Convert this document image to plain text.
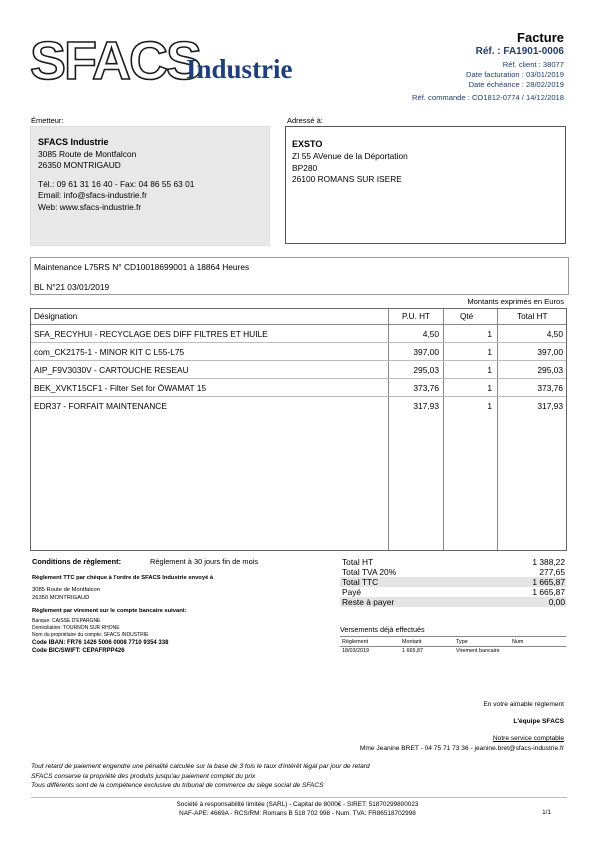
SFACS
Industrie
Facture
Réf. : FA1901-0006
Réf. client : 38077
Date facturation : 03/01/2019
Date échéance : 28/02/2019
Réf. commande : CO1812-0774 / 14/12/2018
Émetteur:	Adressé à:
SFACS Industrie
3085 Route de Montfalcon
26350 MONTRIGAUD
Tél.: 09 61 31 16 40 - Fax: 04 86 55 63 01
Email: info@sfacs-industrie.fr
Web: www.sfacs-industrie.fr
EXSTO
ZI 55 AVenue de la Déportation
BP280
26100 ROMANS SUR ISERE
Maintenance L75RS N° CD10018699001 à 18864 Heures
BL N°21 03/01/2019
Montants exprimés en Euros
Désignation	P.U. HT	Qté	Total HT
SFA_RECYHUI - RECYCLAGE DES DIFF FILTRES ET HUILE	4,50	1	4,50
com_CK2175-1 - MINOR KIT C L55-L75	397,00	1	397,00
AIP_F9V3030V - CARTOUCHE RESEAU	295,03	1	295,03
BEK_XVKT15CF1 - Filter Set for ÖWAMAT 15	373,76	1	373,76
EDR37 - FORFAIT MAINTENANCE	317,93	1	317,93
Conditions de règlement:	Règlement à 30 jours fin de mois
Règlement TTC par chèque à l'ordre de SFACS Industrie envoyé à
3085 Route de Montfalcon
26350 MONTRIGAUD
Règlement par virement sur le compte bancaire suivant:
Banque: CAISSE D'EPARGNE
Domiciliation: TOURNON SUR RHONE
Nom du propriétaire du compte: SFACS INDUSTRIE
Code IBAN: FR76 1426 5006 0008 7710 9354 338
Code BIC/SWIFT: CEPAFRPP426
Total HT	1 388,22
Total TVA 20%	277,65
Total TTC	1 665,87
Payé	1 665,87
Reste à payer	0,00
Versements déjà effectués
Règlement	Montant	Type	Num
18/03/2019	1 665,87	Virement bancaire
En votre aimable règlement
L'équipe SFACS
Notre service comptable
Mme Jeanine BRET - 04 75 71 73 36 - jeanine.bret@sfacs-industrie.fr
Tout retard de paiement engendre une pénalité calculée sur la base de 3 fois le taux d'intérêt légal par jour de retard
SFACS conserve la propriété des produits jusqu'au paiement complet du prix
Tous différents sont de la compétence exclusive du tribunal de commerce du siège social de SFACS
Société à responsabilité limitée (SARL) - Capital de 8000€ - SIRET: 51870299800023
NAF-APE: 4669A - RCS/RM: Romans B 518 702 998 - Num. TVA: FR86518702998	1/1
